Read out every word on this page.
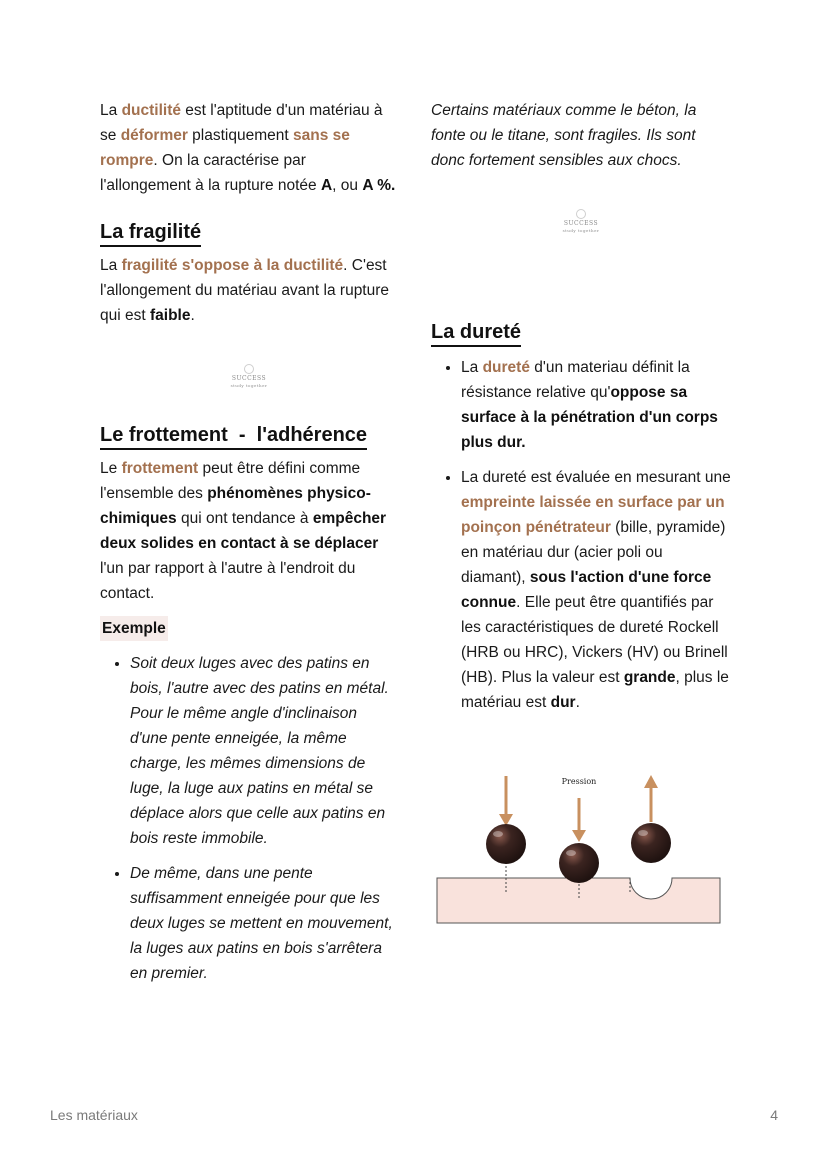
La ductilité est l'aptitude d'un matériau à se déformer plastiquement sans se rompre. On la caractérise par l'allongement à la rupture notée A, ou A %.

La fragilité

La fragilité s'oppose à la ductilité. C'est l'allongement du matériau avant la rupture qui est faible.

SUCCESS
study together
Le frottement  -  l'adhérence

Le frottement peut être défini comme l'ensemble des phénomènes physico-chimiques qui ont tendance à empêcher deux solides en contact à se déplacer l'un par rapport à l'autre à l'endroit du contact.

Exemple
• Soit deux luges avec des patins en bois, l'autre avec des patins en métal. Pour le même angle d'inclinaison d'une pente enneigée, la même charge, les mêmes dimensions de luge, la luge aux patins en métal se déplace alors que celle aux patins en bois reste immobile.
• De même, dans une pente suffisamment enneigée pour que les deux luges se mettent en mouvement, la luges aux patins en bois s'arrêtera en premier.

Certains matériaux comme le béton, la fonte ou le titane, sont fragiles. Ils sont donc fortement sensibles aux chocs.

SUCCESS
study together
La dureté
• La dureté d'un materiau définit la résistance relative qu'oppose sa surface à la pénétration d'un corps plus dur.
• La dureté est évaluée en mesurant une empreinte laissée en surface par un poinçon pénétrateur (bille, pyramide) en matériau dur (acier poli ou diamant), sous l'action d'une force connue. Elle peut être quantifiés par les caractéristiques de dureté Rockell (HRB ou HRC), Vickers (HV) ou Brinell (HB). Plus la valeur est grande, plus le matériau est dur.
Pression
Les matériaux	4
